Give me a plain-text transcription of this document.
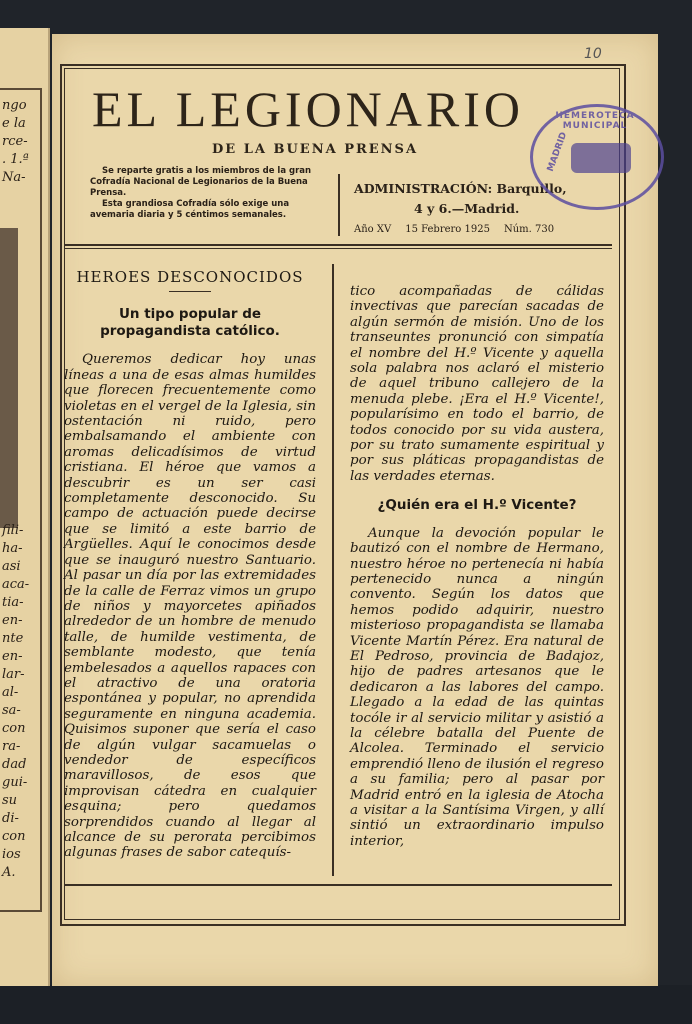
ngo
e la
rce-
. 1.ª
Na-
fili-
ha-
asi
aca-
tia-
en-
nte
en-
lar-
al-
sa-
con
ra-
dad
gui-
su
di-
con
ios
A.
10
EL LEGIONARIO
DE LA BUENA PRENSA

Se reparte gratis a los miembros de la gran Cofradía Nacional de Legionarios de la Buena Prensa.

Esta grandiosa Cofradía sólo exige una avemaria diaria y 5 céntimos semanales.

ADMINISTRACIÓN: Barquillo,
4 y 6.—Madrid.
Año XV 15 Febrero 1925 Núm. 730
HEMEROTECA MUNICIPAL
MADRID
HEROES DESCONOCIDOS
Un tipo popular de propagandista católico.

Queremos dedicar hoy unas líneas a una de esas almas humildes que florecen frecuentemente como violetas en el vergel de la Iglesia, sin ostentación ni ruido, pero embalsamando el ambiente con aromas delicadísimos de virtud cristiana. El héroe que vamos a descubrir es un ser casi completamente desconocido. Su campo de actuación puede decirse que se limitó a este barrio de Argüelles. Aquí le conocimos desde que se inauguró nuestro Santuario. Al pasar un día por las extremidades de la calle de Ferraz vimos un grupo de niños y mayorcetes apiñados alrededor de un hombre de menudo talle, de humilde vestimenta, de semblante modesto, que tenía embelesados a aquellos rapaces con el atractivo de una oratoria espontánea y popular, no aprendida seguramente en ninguna academia. Quisimos suponer que sería el caso de algún vulgar sacamuelas o vendedor de específicos maravillosos, de esos que improvisan cátedra en cualquier esquina; pero quedamos sorprendidos cuando al llegar al alcance de su perorata percibimos algunas frases de sabor catequís-

tico acompañadas de cálidas invectivas que parecían sacadas de algún sermón de misión. Uno de los transeuntes pronunció con simpatía el nombre del H.º Vicente y aquella sola palabra nos aclaró el misterio de aquel tribuno callejero de la menuda plebe. ¡Era el H.º Vicente!, popularísimo en todo el barrio, de todos conocido por su vida austera, por su trato sumamente espiritual y por sus pláticas propagandistas de las verdades eternas.

¿Quién era el H.º Vicente?

Aunque la devoción popular le bautizó con el nombre de Hermano, nuestro héroe no pertenecía ni había pertenecido nunca a ningún convento. Según los datos que hemos podido adquirir, nuestro misterioso propagandista se llamaba Vicente Martín Pérez. Era natural de El Pedroso, provincia de Badajoz, hijo de padres artesanos que le dedicaron a las labores del campo. Llegado a la edad de las quintas tocóle ir al servicio militar y asistió a la célebre batalla del Puente de Alcolea. Terminado el servicio emprendió lleno de ilusión el regreso a su familia; pero al pasar por Madrid entró en la iglesia de Atocha a visitar a la Santísima Virgen, y allí sintió un extraordinario impulso interior,
